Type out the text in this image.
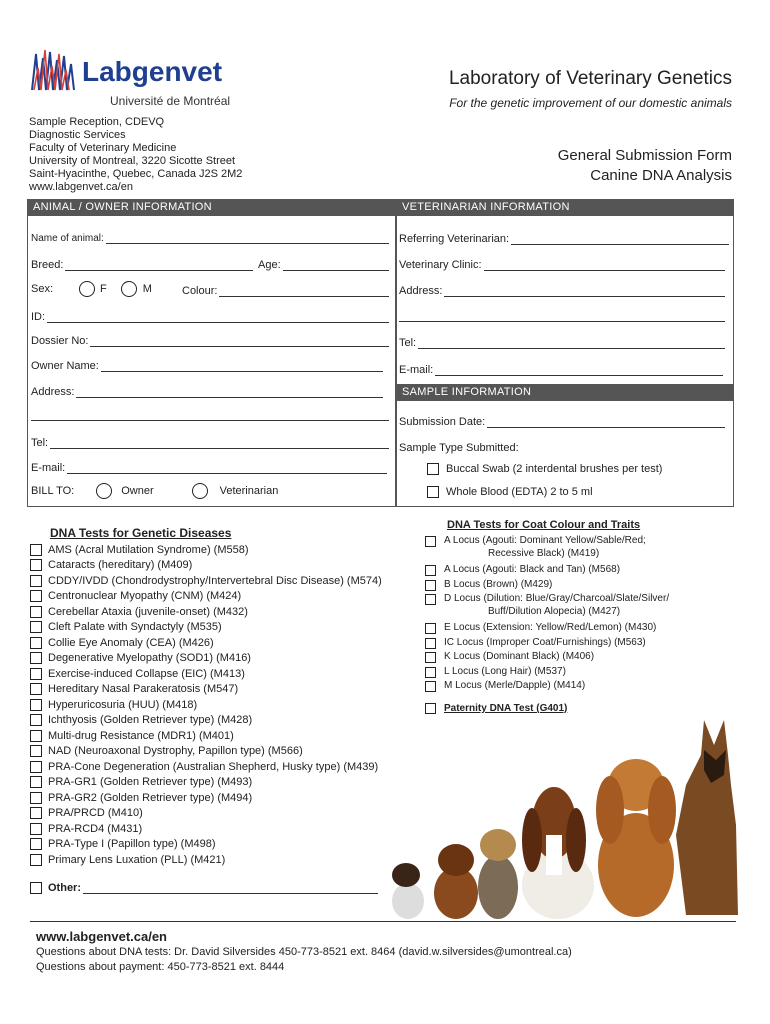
Labgenvet
Université de Montréal
Laboratory of Veterinary Genetics
For the genetic improvement of our domestic animals
Sample Reception, CDEVQ
Diagnostic Services
Faculty of Veterinary Medicine
University of Montreal, 3220 Sicotte Street
Saint-Hyacinthe, Quebec, Canada J2S 2M2
www.labgenvet.ca/en
General Submission Form
Canine DNA Analysis
ANIMAL / OWNER INFORMATION
Name of animal:
Breed:	Age:
Sex:	F	M	Colour:
ID:
Dossier No:
Owner Name:
Address:
Tel:
E-mail:
BILL TO:	Owner	Veterinarian
VETERINARIAN INFORMATION
Referring Veterinarian:
Veterinary Clinic:
Address:
Tel:
E-mail:
SAMPLE INFORMATION
Submission Date:
Sample Type Submitted:
Buccal Swab (2 interdental brushes per test)
Whole Blood (EDTA) 2 to 5 ml
DNA Tests for Genetic Diseases
AMS (Acral Mutilation Syndrome) (M558)
Cataracts (hereditary) (M409)
CDDY/IVDD (Chondrodystrophy/Intervertebral Disc Disease) (M574)
Centronuclear Myopathy (CNM) (M424)
Cerebellar Ataxia (juvenile-onset) (M432)
Cleft Palate with Syndactyly (M535)
Collie Eye Anomaly (CEA) (M426)
Degenerative Myelopathy (SOD1) (M416)
Exercise-induced Collapse (EIC) (M413)
Hereditary Nasal Parakeratosis (M547)
Hyperuricosuria (HUU) (M418)
Ichthyosis (Golden Retriever type) (M428)
Multi-drug Resistance (MDR1) (M401)
NAD (Neuroaxonal Dystrophy, Papillon type) (M566)
PRA-Cone Degeneration (Australian Shepherd, Husky type) (M439)
PRA-GR1 (Golden Retriever type) (M493)
PRA-GR2 (Golden Retriever type) (M494)
PRA/PRCD (M410)
PRA-RCD4 (M431)
PRA-Type I (Papillon type) (M498)
Primary Lens Luxation (PLL) (M421)
Other:
DNA Tests for Coat Colour and Traits
A Locus (Agouti: Dominant Yellow/Sable/Red;
Recessive Black) (M419)
A Locus (Agouti: Black and Tan) (M568)
B Locus (Brown) (M429)
D Locus (Dilution: Blue/Gray/Charcoal/Slate/Silver/
Buff/Dilution Alopecia) (M427)
E Locus (Extension: Yellow/Red/Lemon) (M430)
IC Locus (Improper Coat/Furnishings) (M563)
K Locus (Dominant Black) (M406)
L Locus (Long Hair) (M537)
M Locus (Merle/Dapple) (M414)
Paternity DNA Test (G401)
www.labgenvet.ca/en
Questions about DNA tests: Dr. David Silversides 450-773-8521 ext. 8464 (david.w.silversides@umontreal.ca)
Questions about payment: 450-773-8521 ext. 8444
